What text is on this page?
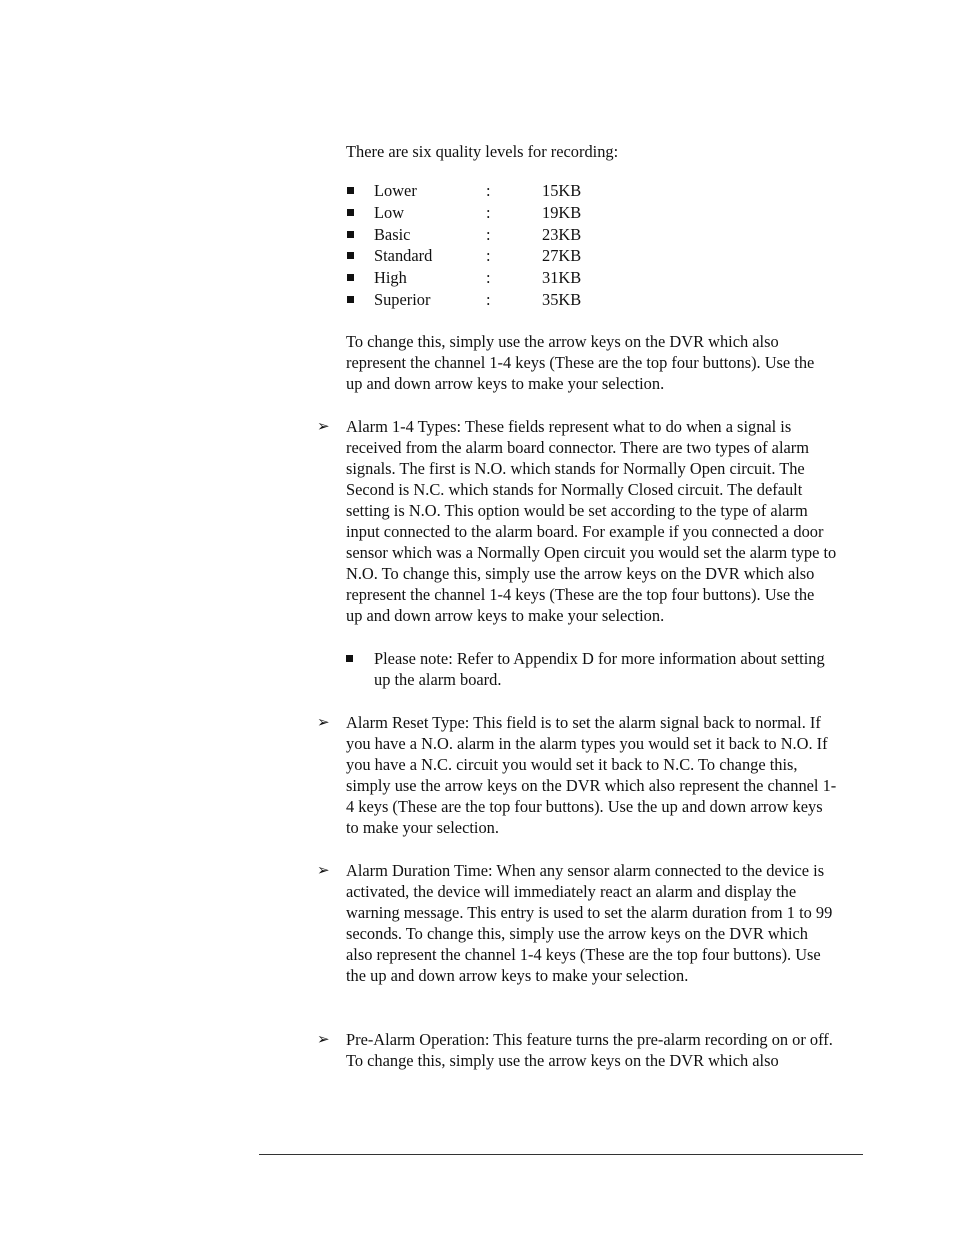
There are six quality levels for recording:

Lower	:	15KB
Low	:	19KB
Basic	:	23KB
Standard	:	27KB
High	:	31KB
Superior	:	35KB
To change this, simply use the arrow keys on the DVR which also
represent the channel 1-4 keys (These are the top four buttons). Use the
up and down arrow keys to make your selection.
➢ Alarm 1-4 Types: These fields represent what to do when a signal is
received from the alarm board connector. There are two types of alarm
signals. The first is N.O. which stands for Normally Open circuit. The
Second is N.C. which stands for Normally Closed circuit. The default
setting is N.O. This option would be set according to the type of alarm
input connected to the alarm board. For example if you connected a door
sensor which was a Normally Open circuit you would set the alarm type to
N.O. To change this, simply use the arrow keys on the DVR which also
represent the channel 1-4 keys (These are the top four buttons). Use the
up and down arrow keys to make your selection.
Please note: Refer to Appendix D for more information about setting
up the alarm board.
➢ Alarm Reset Type: This field is to set the alarm signal back to normal. If
you have a N.O. alarm in the alarm types you would set it back to N.O. If
you have a N.C. circuit you would set it back to N.C. To change this,
simply use the arrow keys on the DVR which also represent the channel 1-
4 keys (These are the top four buttons). Use the up and down arrow keys
to make your selection.
➢ Alarm Duration Time: When any sensor alarm connected to the device is
activated, the device will immediately react an alarm and display the
warning message. This entry is used to set the alarm duration from 1 to 99
seconds. To change this, simply use the arrow keys on the DVR which
also represent the channel 1-4 keys (These are the top four buttons). Use
the up and down arrow keys to make your selection.
➢ Pre-Alarm Operation: This feature turns the pre-alarm recording on or off.
To change this, simply use the arrow keys on the DVR which also
